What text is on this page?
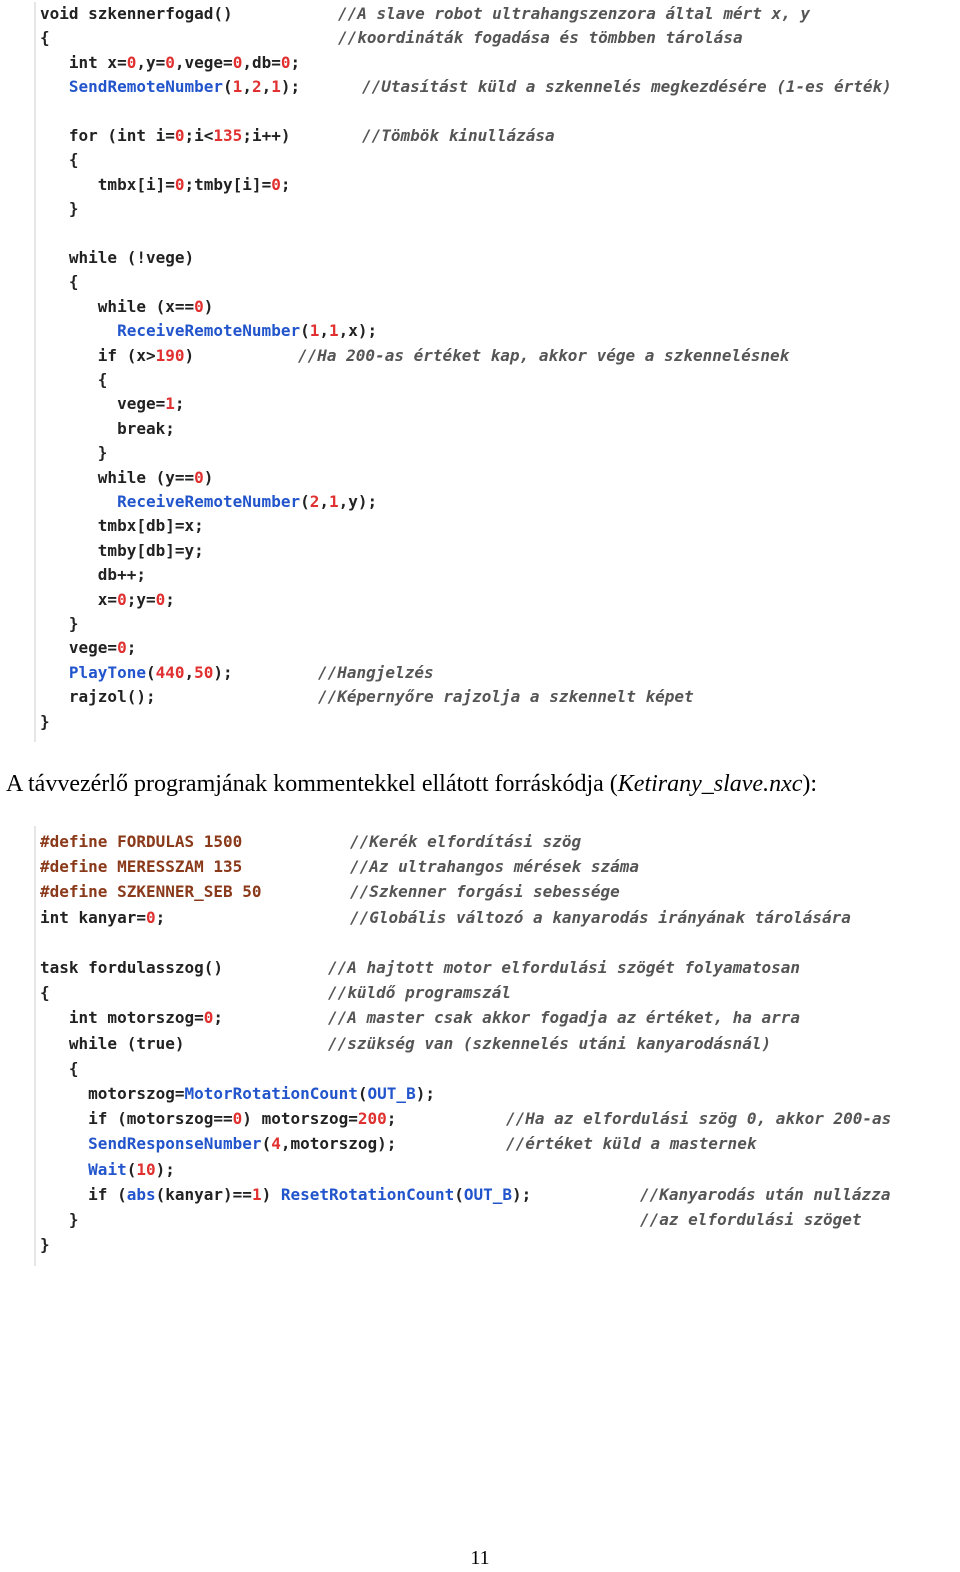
void szkennerfogad()	//A slave robot ultrahangszenzora által mért x, y
{	//koordináták fogadása és tömbben tárolása
int x=0,y=0,vege=0,db=0;
SendRemoteNumber(1,2,1);	//Utasítást küld a szkennelés megkezdésére (1-es érték)
for (int i=0;i<135;i++)	//Tömbök kinullázása
{
tmbx[i]=0;tmby[i]=0;
}
while (!vege)
{
while (x==0)
ReceiveRemoteNumber(1,1,x);
if (x>190)	//Ha 200-as értéket kap, akkor vége a szkennelésnek
{
vege=1;
break;
}
while (y==0)
ReceiveRemoteNumber(2,1,y);
tmbx[db]=x;
tmby[db]=y;
db++;
x=0;y=0;
}
vege=0;
PlayTone(440,50);	//Hangjelzés
rajzol();	//Képernyőre rajzolja a szkennelt képet
}
A távvezérlő programjának kommentekkel ellátott forráskódja (Ketirany_slave.nxc):
#define FORDULAS 1500	//Kerék elfordítási szög
#define MERESSZAM 135	//Az ultrahangos mérések száma
#define SZKENNER_SEB 50	//Szkenner forgási sebessége
int kanyar=0;	//Globális változó a kanyarodás irányának tárolására
task fordulasszog()	//A hajtott motor elfordulási szögét folyamatosan
{	//küldő programszál
int motorszog=0;	//A master csak akkor fogadja az értéket, ha arra
while (true)	//szükség van (szkennelés utáni kanyarodásnál)
{
motorszog=MotorRotationCount(OUT_B);
if (motorszog==0) motorszog=200;	//Ha az elfordulási szög 0, akkor 200-as
SendResponseNumber(4,motorszog);	//értéket küld a masternek
Wait(10);
if (abs(kanyar)==1) ResetRotationCount(OUT_B);	//Kanyarodás után nullázza
}	//az elfordulási szöget
}
11
